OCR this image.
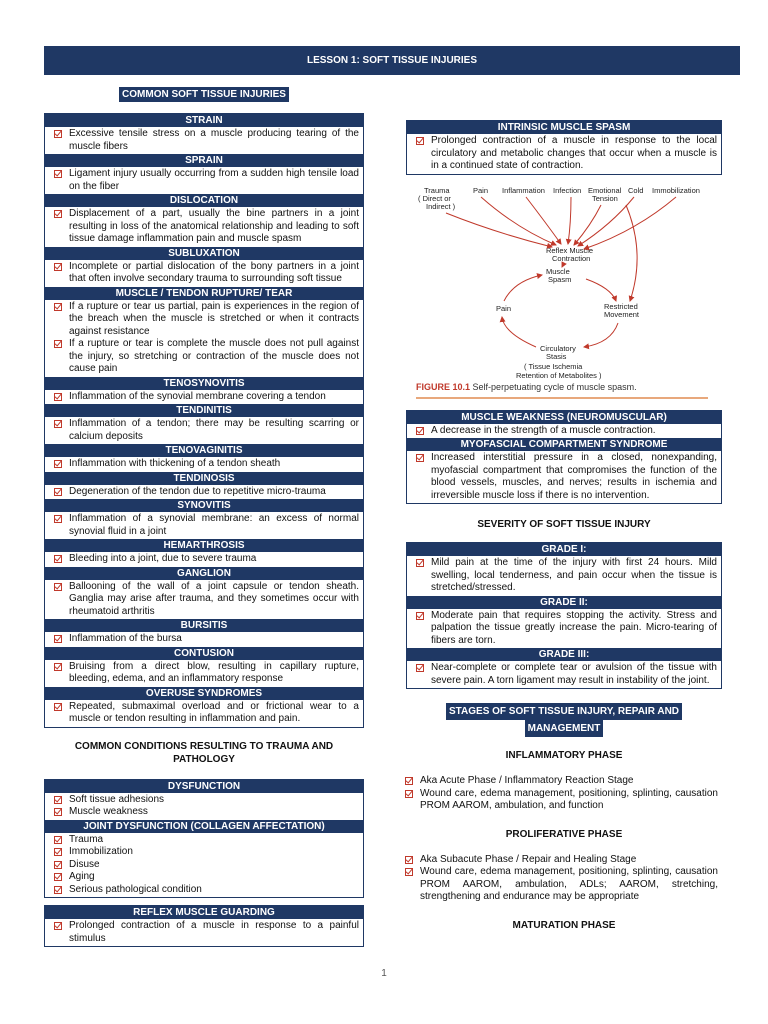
LESSON 1: SOFT TISSUE INJURIES
COMMON SOFT TISSUE INJURIES
STRAIN
Excessive tensile stress on a muscle producing tearing of the muscle fibers
SPRAIN
Ligament injury usually occurring from a sudden high tensile load on the fiber
DISLOCATION
Displacement of a part, usually the bine partners in a joint resulting in loss of the anatomical relationship and leading to soft tissue damage inflammation pain and muscle spasm
SUBLUXATION
Incomplete or partial dislocation of the bony partners in a joint that often involve secondary trauma to surrounding soft tissue
MUSCLE / TENDON RUPTURE/ TEAR
If a rupture or tear us partial, pain is experiences in the region of the breach when the muscle is stretched or when it contracts against resistance
If a rupture or tear is complete the muscle does not pull against the injury, so stretching or contraction of the muscle does not cause pain
TENOSYNOVITIS
Inflammation of the synovial membrane covering a tendon
TENDINITIS
Inflammation of a tendon; there may be resulting scarring or calcium deposits
TENOVAGINITIS
Inflammation with thickening of a tendon sheath
TENDINOSIS
Degeneration of the tendon due to repetitive micro-trauma
SYNOVITIS
Inflammation of a synovial membrane: an excess of normal synovial fluid in a joint
HEMARTHROSIS
Bleeding into a joint, due to severe trauma
GANGLION
Ballooning of the wall of a joint capsule or tendon sheath. Ganglia may arise after trauma, and they sometimes occur with rheumatoid arthritis
BURSITIS
Inflammation of the bursa
CONTUSION
Bruising from a direct blow, resulting in capillary rupture, bleeding, edema, and an inflammatory response
OVERUSE SYNDROMES
Repeated, submaximal overload and or frictional wear to a muscle or tendon resulting in inflammation and pain.
COMMON CONDITIONS RESULTING TO TRAUMA AND PATHOLOGY
DYSFUNCTION
Soft tissue adhesions
Muscle weakness
JOINT DYSFUNCTION (COLLAGEN AFFECTATION)
Trauma
Immobilization
Disuse
Aging
Serious pathological condition
REFLEX MUSCLE GUARDING
Prolonged contraction of a muscle in response to a painful stimulus
INTRINSIC MUSCLE SPASM
Prolonged contraction of a muscle in response to the local circulatory and metabolic changes that occur when a muscle is in a continued state of contraction.
Trauma
( Direct or
Indirect )
Pain Inflammation Infection Emotional
Tension
Cold Immobilization
Reflex Muscle
Contraction
Muscle
Spasm
Pain	Restricted
Movement
Circulatory
Stasis
( Tissue Ischemia
Retention of Metabolites )
FIGURE 10.1 Self-perpetuating cycle of muscle spasm.
MUSCLE WEAKNESS (NEUROMUSCULAR)
A decrease in the strength of a muscle contraction.
MYOFASCIAL COMPARTMENT SYNDROME
Increased interstitial pressure in a closed, nonexpanding, myofascial compartment that compromises the function of the blood vessels, muscles, and nerves; results in ischemia and irreversible muscle loss if there is no intervention.
SEVERITY OF SOFT TISSUE INJURY
GRADE I:
Mild pain at the time of the injury with first 24 hours. Mild swelling, local tenderness, and pain occur when the tissue is stretched/stressed.
GRADE II:
Moderate pain that requires stopping the activity. Stress and palpation the tissue greatly increase the pain. Micro-tearing of fibers are torn.
GRADE III:
Near-complete or complete tear or avulsion of the tissue with severe pain. A torn ligament may result in instability of the joint.
STAGES OF SOFT TISSUE INJURY, REPAIR AND
MANAGEMENT
INFLAMMATORY PHASE
Aka Acute Phase / Inflammatory Reaction Stage
Wound care, edema management, positioning, splinting, causation PROM AAROM, ambulation, and function
PROLIFERATIVE PHASE
Aka Subacute Phase / Repair and Healing Stage
Wound care, edema management, positioning, splinting, causation PROM AAROM, ambulation, ADLs; AAROM, stretching, strengthening and endurance may be appropriate
MATURATION PHASE
1
